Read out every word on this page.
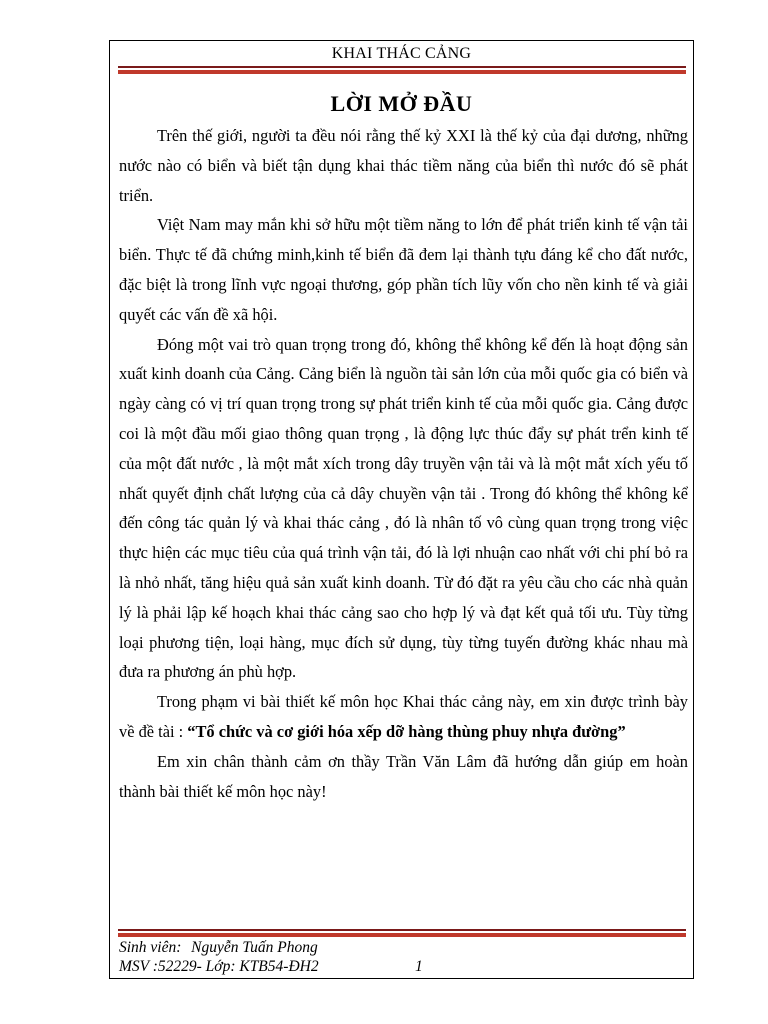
KHAI THÁC CẢNG
LỜI MỞ ĐẦU

Trên thế giới, người ta đều nói rằng thế kỷ XXI là thế kỷ của đại dương, những nước nào có biển và biết tận dụng khai thác tiềm năng của biển thì nước đó sẽ phát triển.

Việt Nam may mắn khi sở hữu một tiềm năng to lớn để phát triển kinh tế vận tải biển. Thực tế đã chứng minh,kinh tế biển đã đem lại thành tựu đáng kể cho đất nước, đặc biệt là trong lĩnh vực ngoại thương, góp phần tích lũy vốn cho nền kinh tế và giải quyết các vấn đề xã hội.

Đóng một vai trò quan trọng trong đó, không thể không kể đến là hoạt động sản xuất kinh doanh của Cảng. Cảng biển là nguồn tài sản lớn của mỗi quốc gia có biển và ngày càng có vị trí quan trọng trong sự phát triển kinh tế của mỗi quốc gia. Cảng được coi là một đầu mối giao thông quan trọng , là động lực thúc đẩy sự phát trển kinh tế của một đất nước , là một mắt xích trong dây truyền vận tải và là một mắt xích yếu tố nhất quyết định chất lượng của cả dây chuyền vận tải . Trong đó không thể không kể đến công tác quản lý và khai thác cảng , đó là nhân tố vô cùng quan trọng trong việc thực hiện các mục tiêu của quá trình vận tải, đó là lợi nhuận cao nhất với chi phí bỏ ra là nhỏ nhất, tăng hiệu quả sản xuất kinh doanh. Từ đó đặt ra yêu cầu cho các nhà quản lý là phải lập kế hoạch khai thác cảng sao cho hợp lý và đạt kết quả tối ưu. Tùy từng loại phương tiện, loại hàng, mục đích sử dụng, tùy từng tuyến đường khác nhau mà đưa ra phương án phù hợp.

Trong phạm vi bài thiết kế môn học Khai thác cảng này, em xin được trình bày về đề tài : “Tổ chức và cơ giới hóa xếp dỡ hàng thùng phuy nhựa đường”

Em xin chân thành cảm ơn thầy Trần Văn Lâm đã hướng dẫn giúp em hoàn thành bài thiết kế môn học này!

Sinh viên: Nguyễn Tuấn Phong
MSV :52229- Lớp: KTB54-ĐH2	1
